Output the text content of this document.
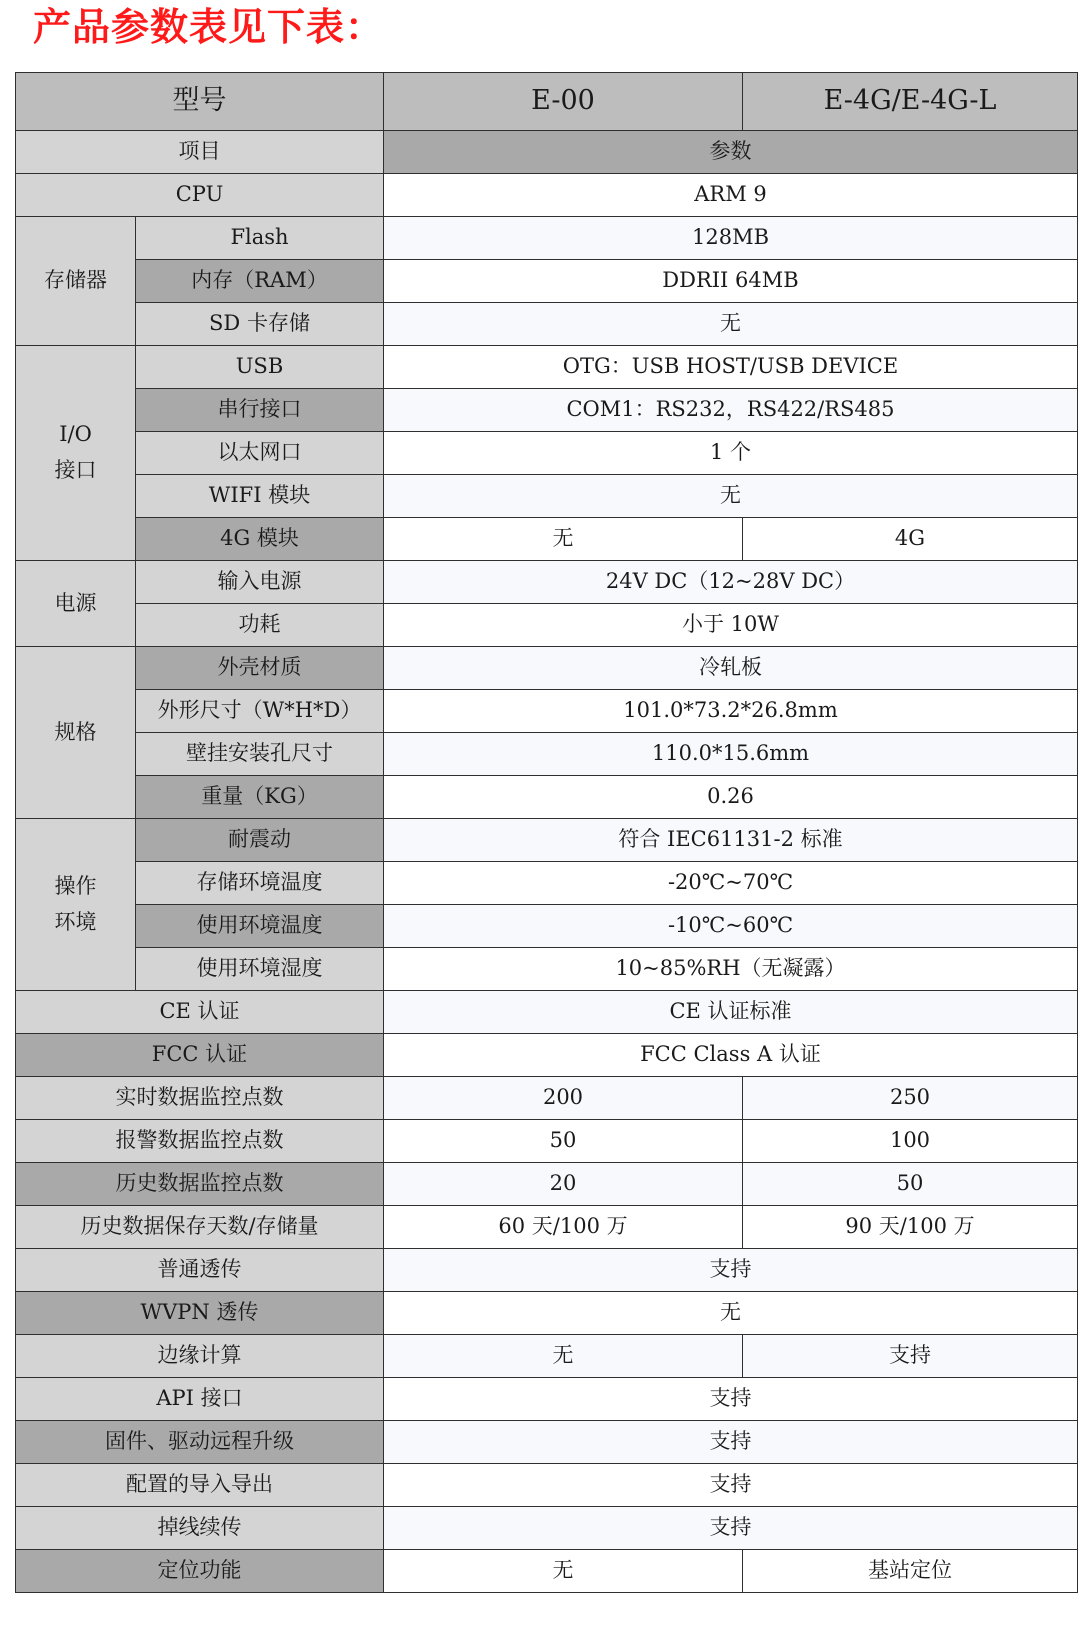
产品参数表见下表：
型号		E-00	E-4G/E-4G-L
项目		参数	
CPU		ARM 9	
存储器	Flash	128MB	
	内存（RAM）	DDRII 64MB	
	SD 卡存储	无	

I/O
接口	USB	OTG：USB HOST/USB DEVICE	
	串行接口	COM1：RS232，RS422/RS485	
	以太网口	1 个	
	WIFI 模块	无	
	4G 模块	无	4G
电源	输入电源	24V DC（12~28V DC）	
	功耗	小于 10W	
规格	外壳材质	冷轧板	
	外形尺寸（W*H*D）	101.0*73.2*26.8mm	
	壁挂安装孔尺寸	110.0*15.6mm	
	重量（KG）	0.26	

操作
环境	耐震动	符合 IEC61131-2 标准	
	存储环境温度	-20℃~70℃	
	使用环境温度	-10℃~60℃	
	使用环境湿度	10~85%RH（无凝露）	
CE 认证		CE 认证标准	
FCC 认证		FCC Class A 认证	
实时数据监控点数		200	250
报警数据监控点数		50	100
历史数据监控点数		20	50
历史数据保存天数/存储量		60 天/100 万	90 天/100 万
普通透传		支持	
WVPN 透传		无	
边缘计算		无	支持
API 接口		支持	
固件、驱动远程升级		支持	
配置的导入导出		支持	
掉线续传		支持	
定位功能		无	基站定位
